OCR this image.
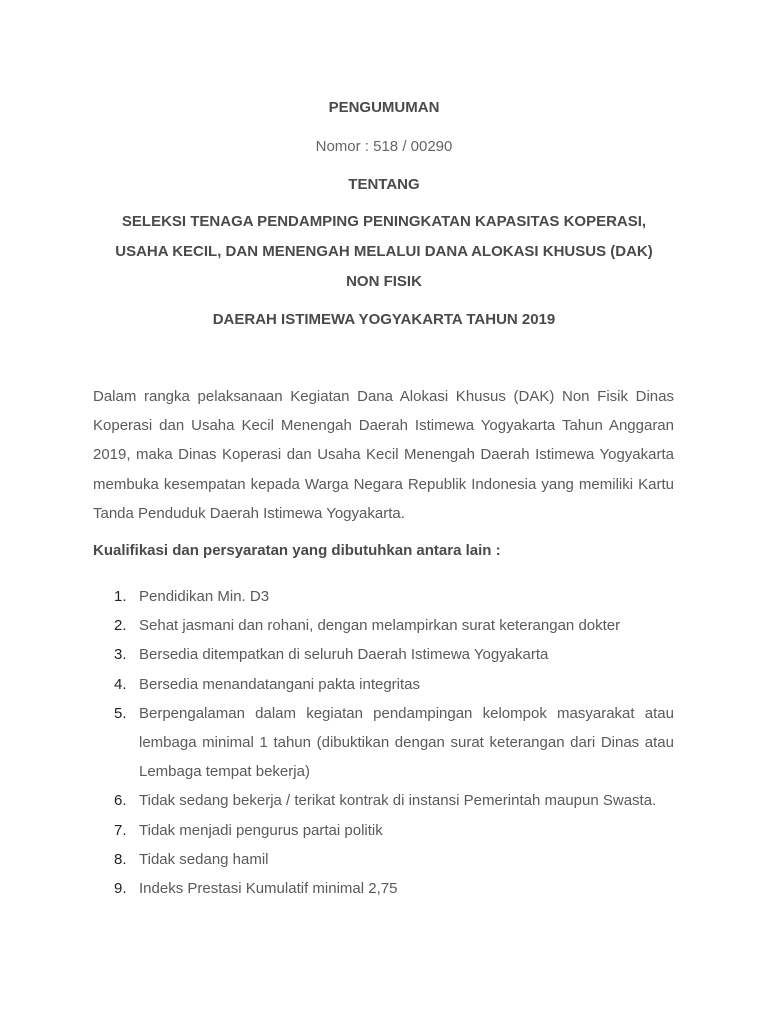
PENGUMUMAN
Nomor : 518 / 00290
TENTANG
SELEKSI TENAGA PENDAMPING PENINGKATAN KAPASITAS KOPERASI,
USAHA KECIL, DAN MENENGAH MELALUI DANA ALOKASI KHUSUS (DAK)
NON FISIK
DAERAH ISTIMEWA YOGYAKARTA TAHUN 2019

Dalam rangka pelaksanaan Kegiatan Dana Alokasi Khusus (DAK) Non Fisik Dinas Koperasi dan Usaha Kecil Menengah Daerah Istimewa Yogyakarta Tahun Anggaran 2019, maka Dinas Koperasi dan Usaha Kecil Menengah Daerah Istimewa Yogyakarta membuka kesempatan kepada Warga Negara Republik Indonesia yang memiliki Kartu Tanda Penduduk Daerah Istimewa Yogyakarta.

Kualifikasi dan persyaratan yang dibutuhkan antara lain :
1. Pendidikan Min. D3
2. Sehat jasmani dan rohani, dengan melampirkan surat keterangan dokter
3. Bersedia ditempatkan di seluruh Daerah Istimewa Yogyakarta
4. Bersedia menandatangani pakta integritas
5. Berpengalaman dalam kegiatan pendampingan kelompok masyarakat atau lembaga minimal 1 tahun (dibuktikan dengan surat keterangan dari Dinas atau Lembaga tempat bekerja)
6. Tidak sedang bekerja / terikat kontrak di instansi Pemerintah maupun Swasta.
7. Tidak menjadi pengurus partai politik
8. Tidak sedang hamil
9. Indeks Prestasi Kumulatif minimal 2,75
